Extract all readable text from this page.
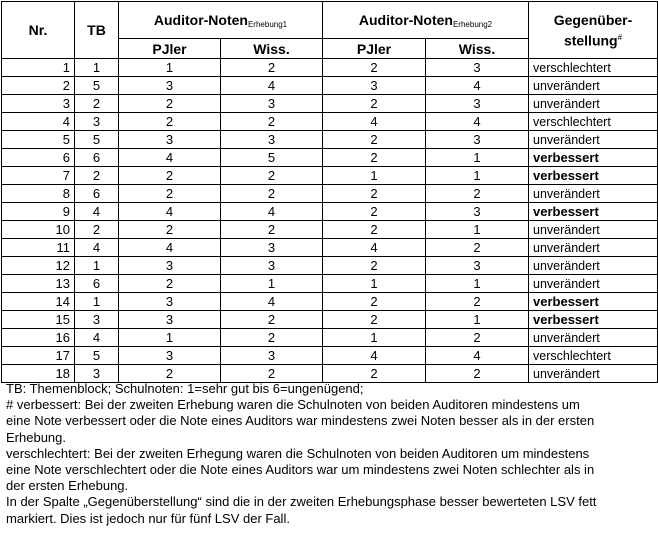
Nr.	TB	Auditor-Noten$_{Erhebung1}$		Auditor-Noten$_{Erhebung2}$		Gegenüber-stellung#
		PJler	Wiss.	PJler	Wiss.	
1	1	1	2	2	3	verschlechtert
2	5	3	4	3	4	unverändert
3	2	2	3	2	3	unverändert
4	3	2	2	4	4	verschlechtert
5	5	3	3	2	3	unverändert
6	6	4	5	2	1	verbessert
7	2	2	2	1	1	verbessert
8	6	2	2	2	2	unverändert
9	4	4	4	2	3	verbessert
10	2	2	2	2	1	unverändert
11	4	4	3	4	2	unverändert
12	1	3	3	2	3	unverändert
13	6	2	1	1	1	unverändert
14	1	3	4	2	2	verbessert
15	3	3	2	2	1	verbessert
16	4	1	2	1	2	unverändert
17	5	3	3	4	4	verschlechtert
18	3	2	2	2	2	unverändert

TB: Themenblock; Schulnoten: 1=sehr gut bis 6=ungenügend;

# verbessert: Bei der zweiten Erhebung waren die Schulnoten von beiden Auditoren mindestens um eine Note verbessert oder die Note eines Auditors war mindestens zwei Noten besser als in der ersten Erhebung.

verschlechtert: Bei der zweiten Erhegung waren die Schulnoten von beiden Auditoren um mindestens eine Note verschlechtert oder die Note eines Auditors war um mindestens zwei Noten schlechter als in der ersten Erhebung.

In der Spalte „Gegenüberstellung“ sind die in der zweiten Erhebungsphase besser bewerteten LSV fett markiert. Dies ist jedoch nur für fünf LSV der Fall.
